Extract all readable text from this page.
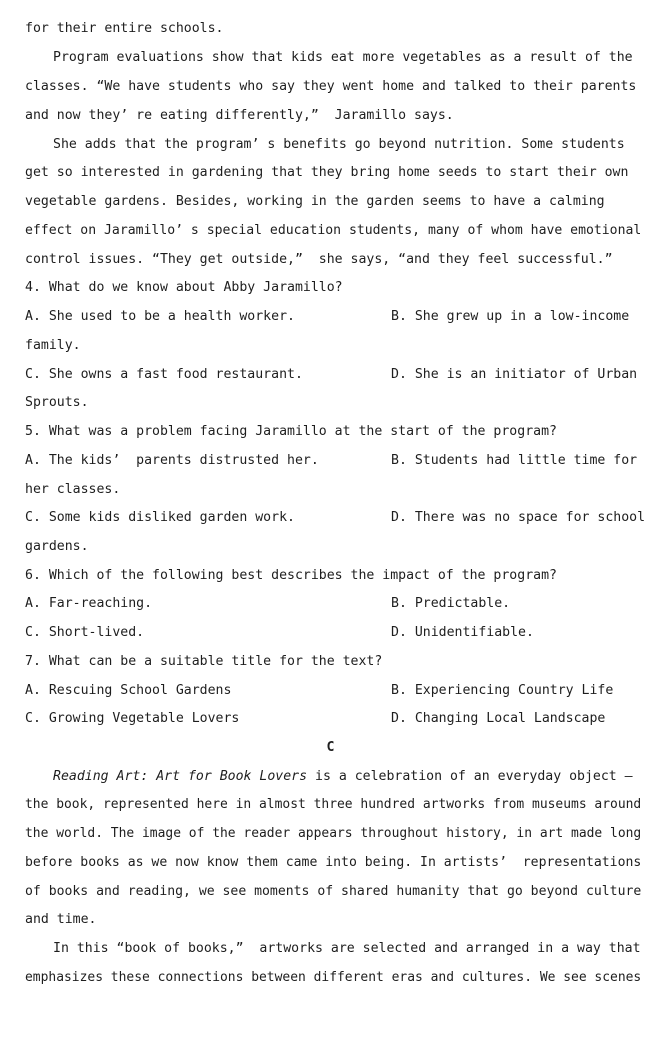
for their entire schools.
Program evaluations show that kids eat more vegetables as a result of the
classes. “We have students who say they went home and talked to their parents
and now they’ re eating differently,”  Jaramillo says.
She adds that the program’ s benefits go beyond nutrition. Some students
get so interested in gardening that they bring home seeds to start their own
vegetable gardens. Besides, working in the garden seems to have a calming
effect on Jaramillo’ s special education students, many of whom have emotional
control issues. “They get outside,”  she says, “and they feel successful.”
4. What do we know about Abby Jaramillo?

A. She used to be a health worker.

	B. She grew up in a low-income

family.

C. She owns a fast food restaurant.

	D. She is an initiator of Urban

Sprouts.
5. What was a problem facing Jaramillo at the start of the program?

A. The kids’  parents distrusted her.

	B. Students had little time for

her classes.

C. Some kids disliked garden work.

	D. There was no space for school

gardens.
6. Which of the following best describes the impact of the program?

A. Far-reaching.

	B. Predictable.

C. Short-lived.

	D. Unidentifiable.

7. What can be a suitable title for the text?

A. Rescuing School Gardens

	B. Experiencing Country Life

C. Growing Vegetable Lovers

	D. Changing Local Landscape

C
Reading Art: Art for Book Lovers is a celebration of an everyday object —
the book, represented here in almost three hundred artworks from museums around
the world. The image of the reader appears throughout history, in art made long
before books as we now know them came into being. In artists’  representations
of books and reading, we see moments of shared humanity that go beyond culture
and time.
In this “book of books,”  artworks are selected and arranged in a way that
emphasizes these connections between different eras and cultures. We see scenes
